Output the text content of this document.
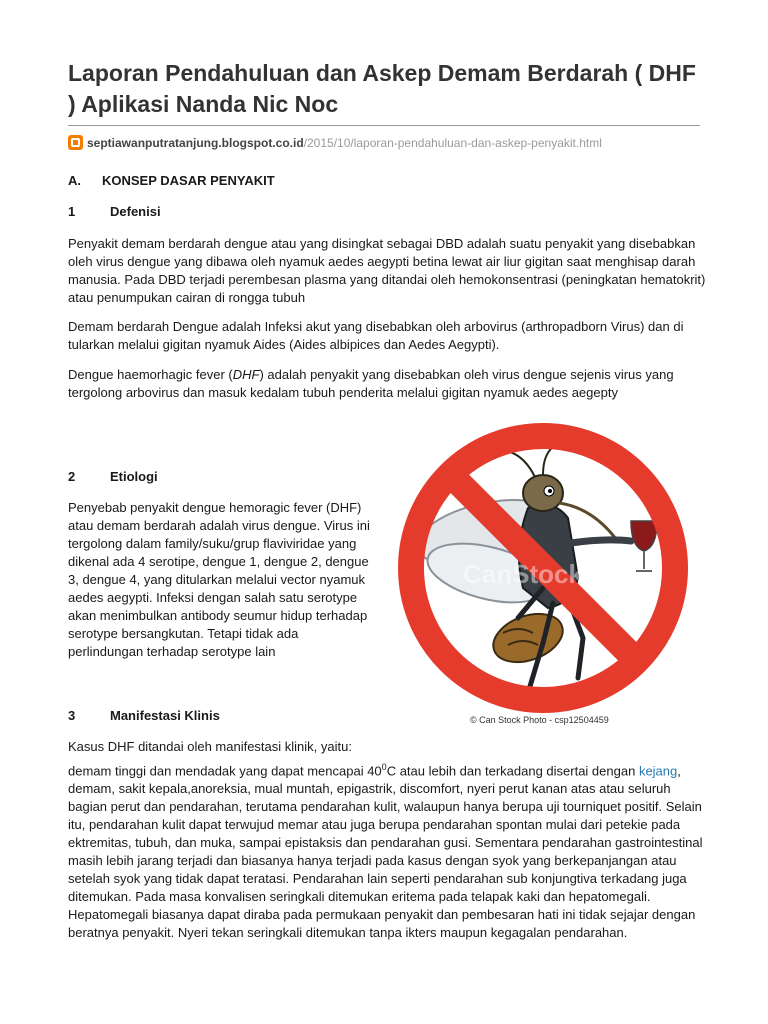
Laporan Pendahuluan dan Askep Demam Berdarah ( DHF ) Aplikasi Nanda Nic Noc
septiawanputratanjung.blogspot.co.id/2015/10/laporan-pendahuluan-dan-askep-penyakit.html
A. KONSEP DASAR PENYAKIT
1	Defenisi

Penyakit demam berdarah dengue atau yang disingkat sebagai DBD adalah suatu penyakit yang disebabkan oleh virus dengue yang dibawa oleh nyamuk aedes aegypti betina lewat air liur gigitan saat menghisap darah manusia. Pada DBD terjadi perembesan plasma yang ditandai oleh hemokonsentrasi (peningkatan hematokrit) atau penumpukan cairan di rongga tubuh

Demam berdarah Dengue adalah Infeksi akut yang disebabkan oleh arbovirus (arthropadborn Virus) dan di tularkan melalui gigitan nyamuk Aides (Aides albipices dan Aedes Aegypti).

Dengue haemorhagic fever (DHF) adalah penyakit yang disebabkan oleh virus dengue sejenis virus yang tergolong arbovirus dan masuk kedalam tubuh penderita melalui gigitan nyamuk aedes aegepty

2	Etiologi

Penyebab penyakit dengue hemoragic fever (DHF) atau demam berdarah adalah virus dengue. Virus ini tergolong dalam family/suku/grup flaviviridae yang dikenal ada 4 serotipe, dengue 1, dengue 2, dengue 3, dengue 4, yang ditularkan melalui vector nyamuk aedes aegypti. Infeksi dengan salah satu serotype akan menimbulkan antibody seumur hidup terhadap serotype bersangkutan. Tetapi tidak ada perlindungan terhadap serotype lain

CanStock
© Can Stock Photo - csp12504459
3	Manifestasi Klinis

Kasus DHF ditandai oleh manifestasi klinik, yaitu:

demam tinggi dan mendadak yang dapat mencapai $40^0C$ atau lebih dan terkadang disertai dengan kejang, demam, sakit kepala,anoreksia, mual muntah, epigastrik, discomfort, nyeri perut kanan atas atau seluruh bagian perut dan pendarahan, terutama pendarahan kulit, walaupun hanya berupa uji tourniquet positif. Selain itu, pendarahan kulit dapat terwujud memar atau juga berupa pendarahan spontan mulai dari petekie pada ektremitas, tubuh, dan muka, sampai epistaksis dan pendarahan gusi. Sementara pendarahan gastrointestinal masih lebih jarang terjadi dan biasanya hanya terjadi pada kasus dengan syok yang berkepanjangan atau setelah syok yang tidak dapat teratasi. Pendarahan lain seperti pendarahan sub konjungtiva terkadang juga ditemukan. Pada masa konvalisen seringkali ditemukan eritema pada telapak kaki dan hepatomegali. Hepatomegali biasanya dapat diraba pada permukaan penyakit dan pembesaran hati ini tidak sejajar dengan beratnya penyakit. Nyeri tekan seringkali ditemukan tanpa ikters maupun kegagalan pendarahan.
